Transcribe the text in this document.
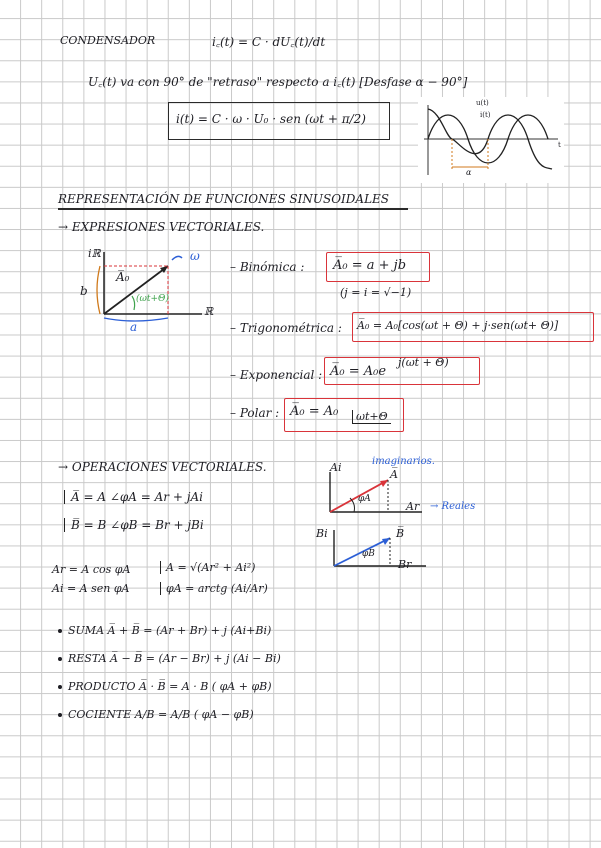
CONDENSADOR	i꜀(t) = C · dU꜀(t)/dt
U꜀(t) va con 90° de "retraso" respecto a i꜀(t) [Desfase α − 90°]
i(t) = C · ω · U₀ · sen (ωt + π/2)
u(t)
i(t)
t
α
REPRESENTACIÓN DE FUNCIONES SINUSOIDALES
→ EXPRESIONES VECTORIALES.
iℝ
ℝ
ω
A̅₀
b
a
(ωt+Θ)
– Binómica : A̅₀ = a + jb
(j = i = √−1)
– Trigonométrica : A̅₀ = A₀[cos(ωt + Θ) + j·sen(ωt+ Θ)]
– Exponencial : A̅₀ = A₀e
j(ωt + Θ)
– Polar : A̅₀ = A₀	ωt+Θ
→ OPERACIONES VECTORIALES.
A̅ = A ∠φA = Ar + jAi
B̅ = B ∠φB = Br + jBi
Ar = A cos φA
Ai = A sen φA
A = √(Ar² + Ai²)
φA = arctg (Ai/Ar)
SUMA A̅ + B̅ = (Ar + Br) + j (Ai+Bi)
RESTA A̅ − B̅ = (Ar − Br) + j (Ai − Bi)
PRODUCTO A̅ · B̅ = A · B ( φA + φB)
COCIENTE A/B = A/B ( φA − φB)
Ai
A̅
Ar
φA
imaginarios.
→ Reales
Bi	B̅
Br
φB
